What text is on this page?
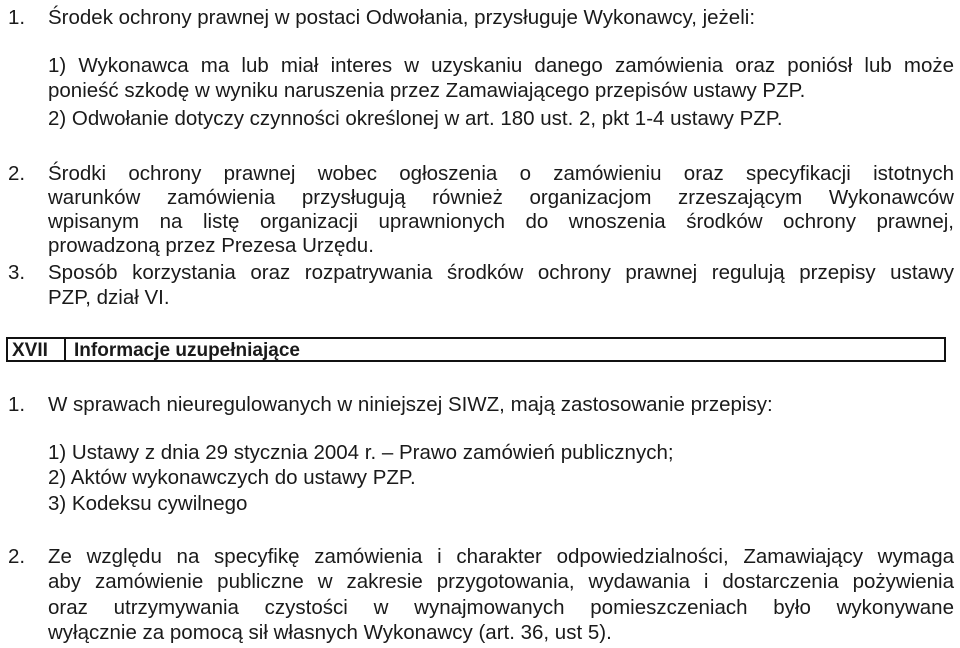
1. Środek ochrony prawnej w postaci Odwołania, przysługuje Wykonawcy, jeżeli:
1) Wykonawca ma lub miał interes w uzyskaniu danego zamówienia oraz poniósł lub może
ponieść szkodę w wyniku naruszenia przez Zamawiającego przepisów ustawy PZP.
2) Odwołanie dotyczy czynności określonej w art. 180 ust. 2, pkt 1-4 ustawy PZP.
2. Środki ochrony prawnej wobec ogłoszenia o zamówieniu oraz specyfikacji istotnych
warunków zamówienia przysługują również organizacjom zrzeszającym Wykonawców
wpisanym na listę organizacji uprawnionych do wnoszenia środków ochrony prawnej,
prowadzoną przez Prezesa Urzędu.
3. Sposób korzystania oraz rozpatrywania środków ochrony prawnej regulują przepisy ustawy
PZP, dział VI.
XVII Informacje uzupełniające
1. W sprawach nieuregulowanych w niniejszej SIWZ, mają zastosowanie przepisy:
1) Ustawy z dnia 29 stycznia 2004 r. – Prawo zamówień publicznych;
2) Aktów wykonawczych do ustawy PZP.
3) Kodeksu cywilnego
2. Ze względu na specyfikę zamówienia i charakter odpowiedzialności, Zamawiający wymaga
aby zamówienie publiczne w zakresie przygotowania, wydawania i dostarczenia pożywienia
oraz utrzymywania czystości w wynajmowanych pomieszczeniach było wykonywane
wyłącznie za pomocą sił własnych Wykonawcy (art. 36, ust 5).
